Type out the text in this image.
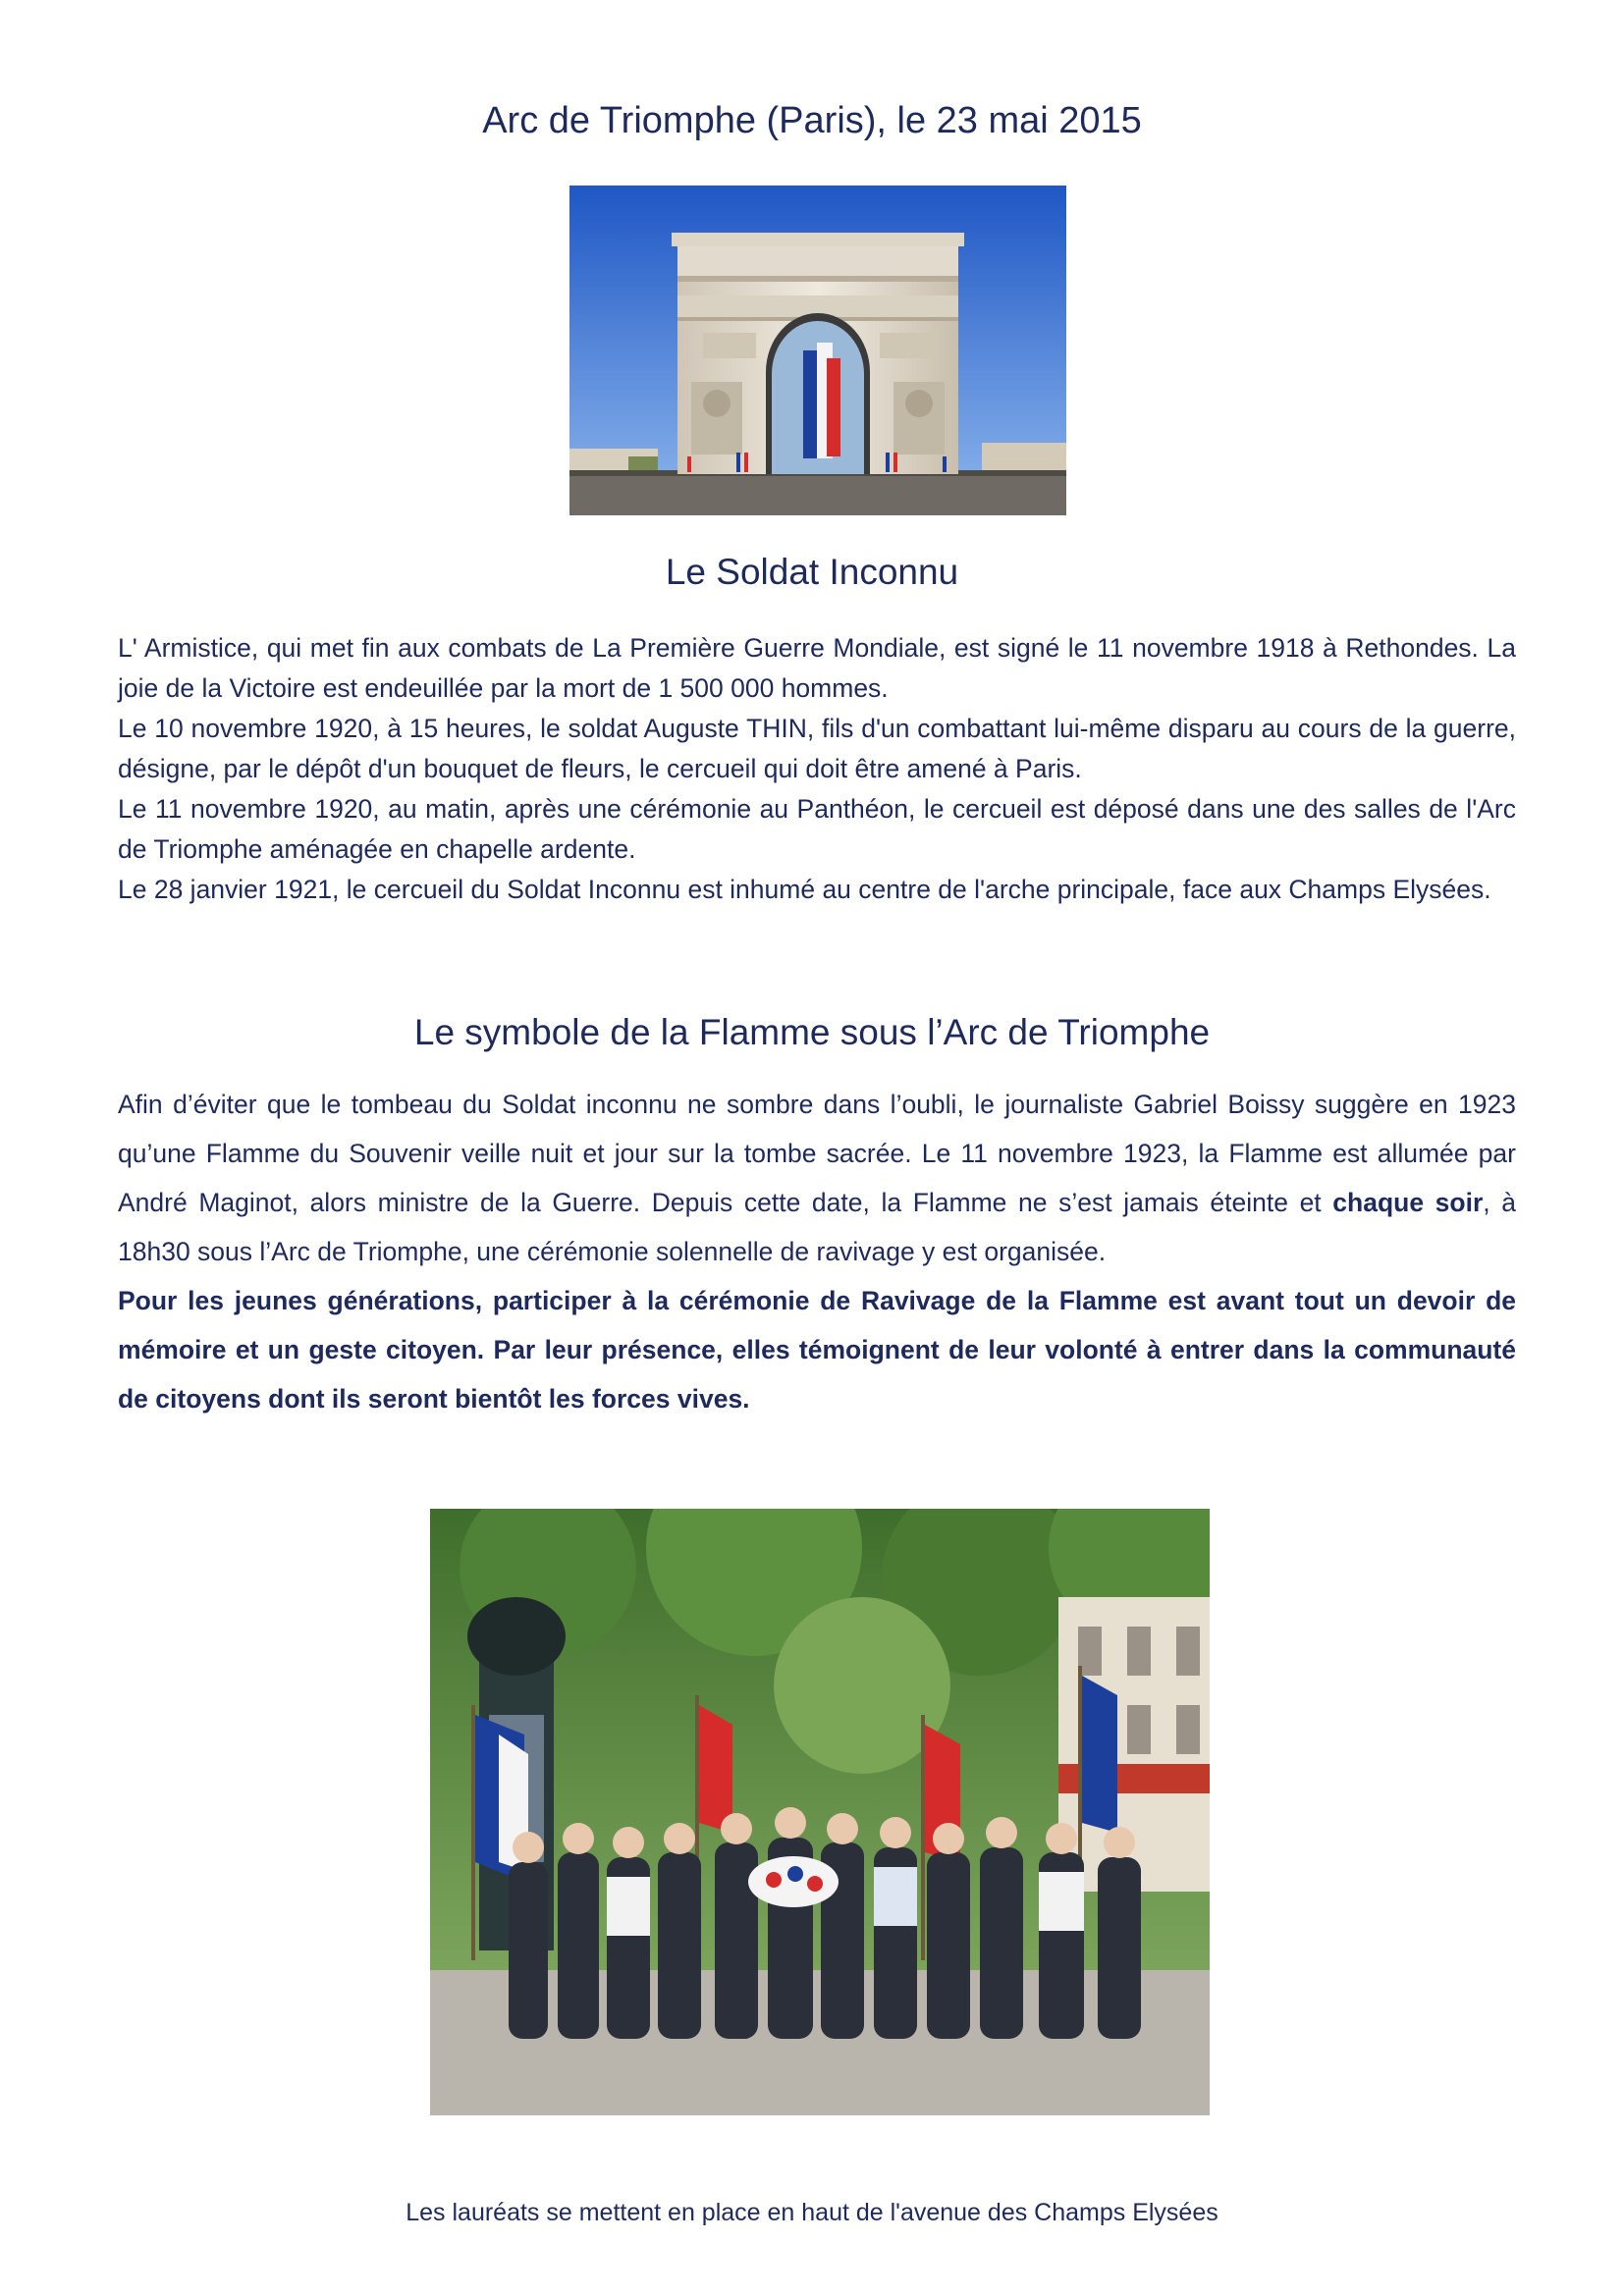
Arc de Triomphe (Paris), le 23 mai 2015
Le Soldat Inconnu

L' Armistice, qui met fin aux combats de La Première Guerre Mondiale, est signé le 11 novembre 1918 à Rethondes. La joie de la Victoire est endeuillée par la mort de 1 500 000 hommes.

Le 10 novembre 1920, à 15 heures, le soldat Auguste THIN, fils d'un combattant lui-même disparu au cours de la guerre, désigne, par le dépôt d'un bouquet de fleurs, le cercueil qui doit être amené à Paris.

Le 11 novembre 1920, au matin, après une cérémonie au Panthéon, le cercueil est déposé dans une des salles de l'Arc de Triomphe aménagée en chapelle ardente.

Le 28 janvier 1921, le cercueil du Soldat Inconnu est inhumé au centre de l'arche principale, face aux Champs Elysées.

Le symbole de la Flamme sous l’Arc de Triomphe

Afin d’éviter que le tombeau du Soldat inconnu ne sombre dans l’oubli, le journaliste Gabriel Boissy suggère en 1923 qu’une Flamme du Souvenir veille nuit et jour sur la tombe sacrée. Le 11 novembre 1923, la Flamme est allumée par André Maginot, alors ministre de la Guerre. Depuis cette date, la Flamme ne s’est jamais éteinte et chaque soir, à 18h30 sous l’Arc de Triomphe, une cérémonie solennelle de ravivage y est organisée.

Pour les jeunes générations, participer à la cérémonie de Ravivage de la Flamme est avant tout un devoir de mémoire et un geste citoyen. Par leur présence, elles témoignent de leur volonté à entrer dans la communauté de citoyens dont ils seront bientôt les forces vives.

Les lauréats se mettent en place en haut de l'avenue des Champs Elysées
